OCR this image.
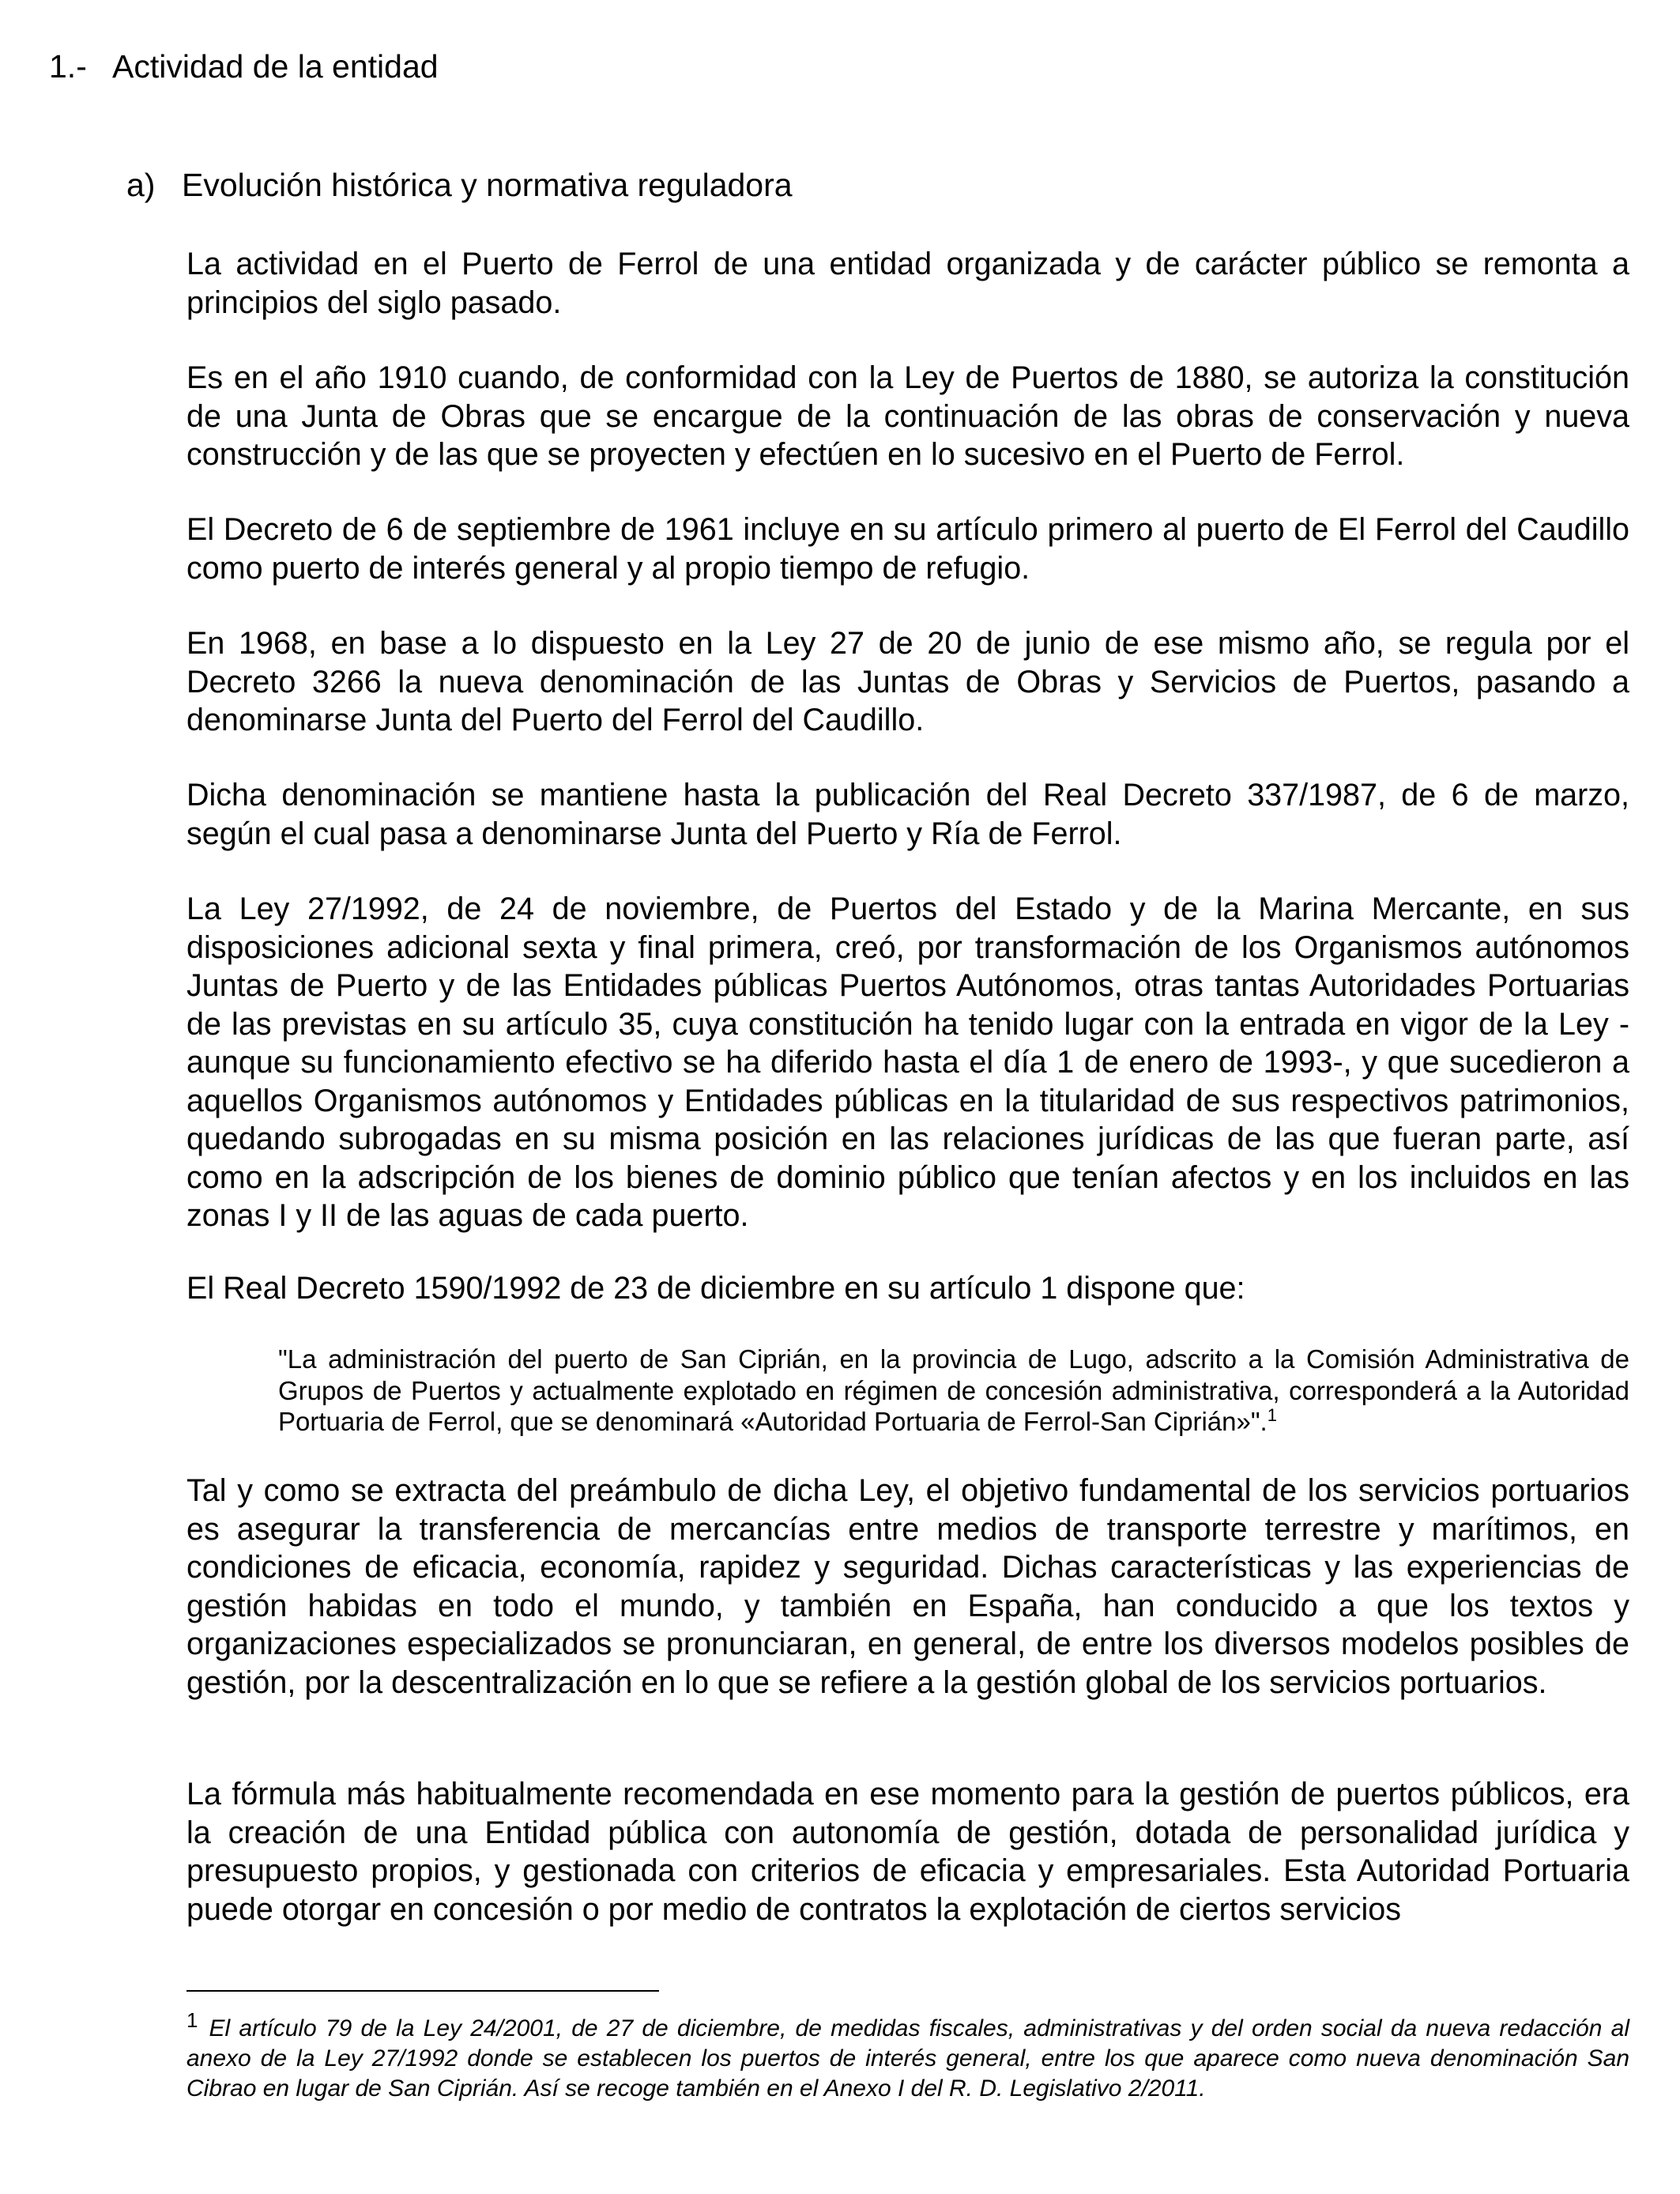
1.- Actividad de la entidad
a) Evolución histórica y normativa reguladora

La actividad en el Puerto de Ferrol de una entidad organizada y de carácter público se remonta a principios del siglo pasado.

Es en el año 1910 cuando, de conformidad con la Ley de Puertos de 1880, se autoriza la constitución de una Junta de Obras que se encargue de la continuación de las obras de conservación y nueva construcción y de las que se proyecten y efectúen en lo sucesivo en el Puerto de Ferrol.

El Decreto de 6 de septiembre de 1961 incluye en su artículo primero al puerto de El Ferrol del Caudillo como puerto de interés general y al propio tiempo de refugio.

En 1968, en base a lo dispuesto en la Ley 27 de 20 de junio de ese mismo año, se regula por el Decreto 3266 la nueva denominación de las Juntas de Obras y Servicios de Puertos, pasando a denominarse Junta del Puerto del Ferrol del Caudillo.

Dicha denominación se mantiene hasta la publicación del Real Decreto 337/1987, de 6 de marzo, según el cual pasa a denominarse Junta del Puerto y Ría de Ferrol.

La Ley 27/1992, de 24 de noviembre, de Puertos del Estado y de la Marina Mercante, en sus disposiciones adicional sexta y final primera, creó, por transformación de los Organismos autónomos Juntas de Puerto y de las Entidades públicas Puertos Autónomos, otras tantas Autoridades Portuarias de las previstas en su artículo 35, cuya constitución ha tenido lugar con la entrada en vigor de la Ley -aunque su funcionamiento efectivo se ha diferido hasta el día 1 de enero de 1993-, y que sucedieron a aquellos Organismos autónomos y Entidades públicas en la titularidad de sus respectivos patrimonios, quedando subrogadas en su misma posición en las relaciones jurídicas de las que fueran parte, así como en la adscripción de los bienes de dominio público que tenían afectos y en los incluidos en las zonas I y II de las aguas de cada puerto.

El Real Decreto 1590/1992 de 23 de diciembre en su artículo 1 dispone que:

"La administración del puerto de San Ciprián, en la provincia de Lugo, adscrito a la Comisión Administrativa de Grupos de Puertos y actualmente explotado en régimen de concesión administrativa, corresponderá a la Autoridad Portuaria de Ferrol, que se denominará «Autoridad Portuaria de Ferrol-San Ciprián»".$^1$

Tal y como se extracta del preámbulo de dicha Ley, el objetivo fundamental de los servicios portuarios es asegurar la transferencia de mercancías entre medios de transporte terrestre y marítimos, en condiciones de eficacia, economía, rapidez y seguridad. Dichas características y las experiencias de gestión habidas en todo el mundo, y también en España, han conducido a que los textos y organizaciones especializados se pronunciaran, en general, de entre los diversos modelos posibles de gestión, por la descentralización en lo que se refiere a la gestión global de los servicios portuarios.

La fórmula más habitualmente recomendada en ese momento para la gestión de puertos públicos, era la creación de una Entidad pública con autonomía de gestión, dotada de personalidad jurídica y presupuesto propios, y gestionada con criterios de eficacia y empresariales. Esta Autoridad Portuaria puede otorgar en concesión o por medio de contratos la explotación de ciertos servicios

1 El artículo 79 de la Ley 24/2001, de 27 de diciembre, de medidas fiscales, administrativas y del orden social da nueva redacción al anexo de la Ley 27/1992 donde se establecen los puertos de interés general, entre los que aparece como nueva denominación San Cibrao en lugar de San Ciprián. Así se recoge también en el Anexo I del R. D. Legislativo 2/2011.
